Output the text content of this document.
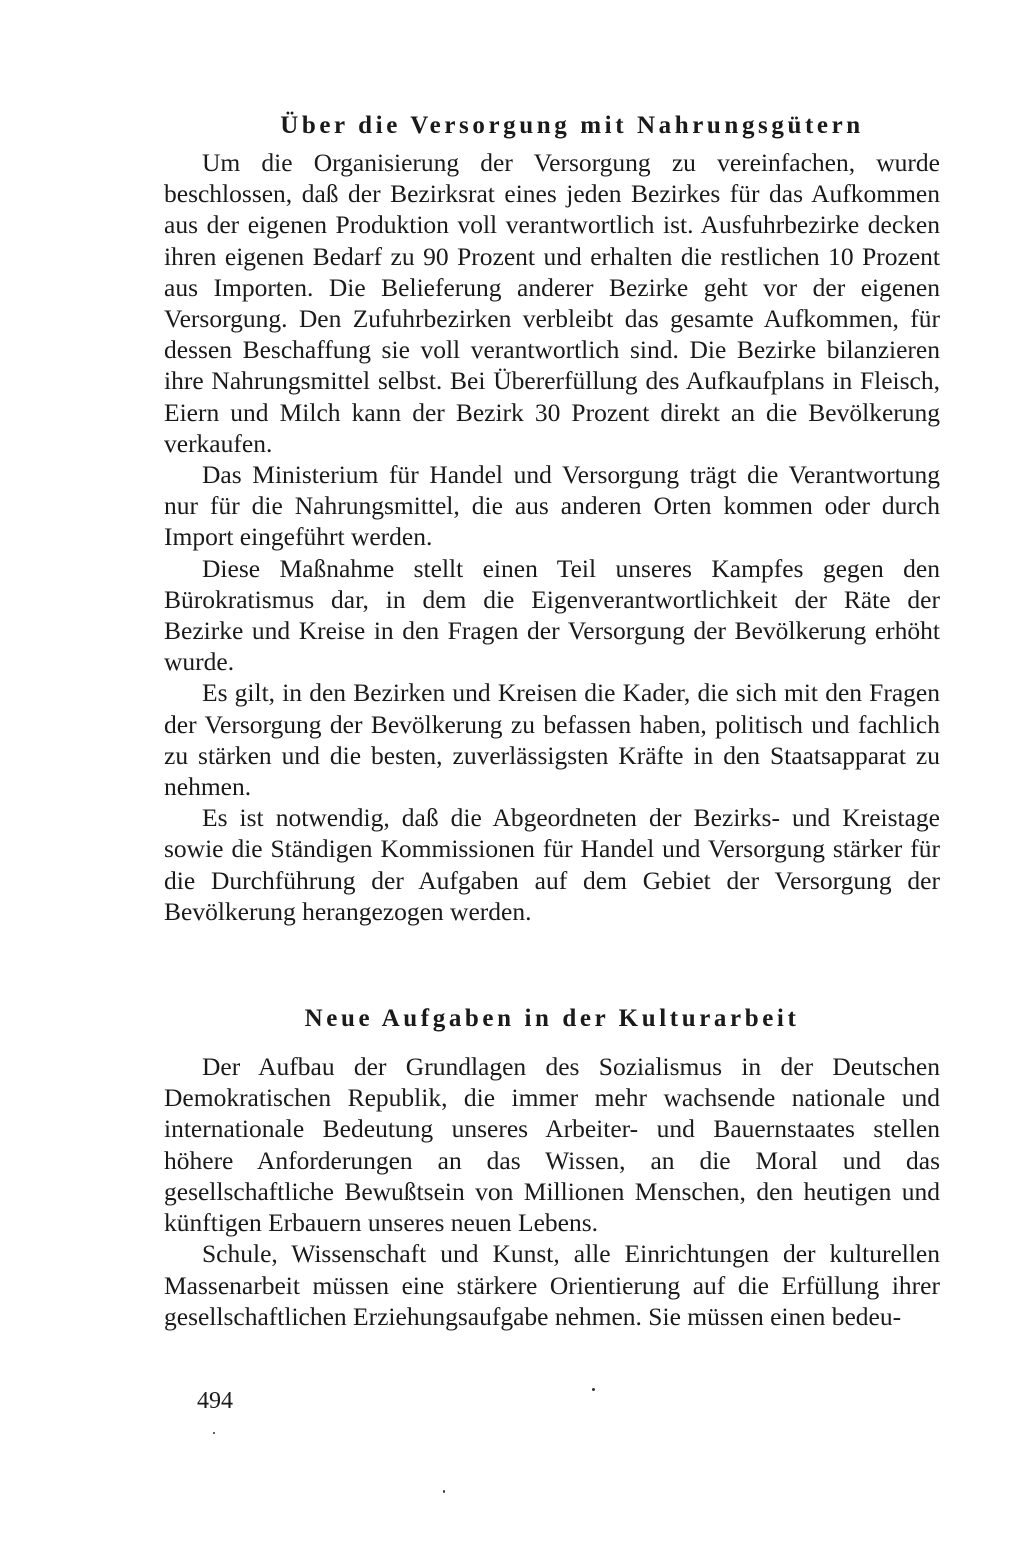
Über die Versorgung mit Nahrungsgütern

Um die Organisierung der Versorgung zu vereinfachen, wurde beschlossen, daß der Bezirksrat eines jeden Bezirkes für das Aufkommen aus der eigenen Produktion voll verantwortlich ist. Ausfuhrbezirke decken ihren eigenen Bedarf zu 90 Prozent und erhalten die restlichen 10 Prozent aus Importen. Die Belieferung anderer Bezirke geht vor der eigenen Versorgung. Den Zufuhrbezirken verbleibt das gesamte Aufkommen, für dessen Beschaffung sie voll verantwortlich sind. Die Bezirke bilanzieren ihre Nahrungsmittel selbst. Bei Übererfüllung des Aufkaufplans in Fleisch, Eiern und Milch kann der Bezirk 30 Prozent direkt an die Bevölkerung verkaufen.

Das Ministerium für Handel und Versorgung trägt die Verantwortung nur für die Nahrungsmittel, die aus anderen Orten kommen oder durch Import eingeführt werden.

Diese Maßnahme stellt einen Teil unseres Kampfes gegen den Bürokratismus dar, in dem die Eigenverantwortlichkeit der Räte der Bezirke und Kreise in den Fragen der Versorgung der Bevölkerung erhöht wurde.

Es gilt, in den Bezirken und Kreisen die Kader, die sich mit den Fragen der Versorgung der Bevölkerung zu befassen haben, politisch und fachlich zu stärken und die besten, zuverlässigsten Kräfte in den Staatsapparat zu nehmen.

Es ist notwendig, daß die Abgeordneten der Bezirks- und Kreistage sowie die Ständigen Kommissionen für Handel und Versorgung stärker für die Durchführung der Aufgaben auf dem Gebiet der Versorgung der Bevölkerung herangezogen werden.

Neue Aufgaben in der Kulturarbeit

Der Aufbau der Grundlagen des Sozialismus in der Deutschen Demokratischen Republik, die immer mehr wachsende nationale und internationale Bedeutung unseres Arbeiter- und Bauernstaates stellen höhere Anforderungen an das Wissen, an die Moral und das gesellschaftliche Bewußtsein von Millionen Menschen, den heutigen und künftigen Erbauern unseres neuen Lebens.

Schule, Wissenschaft und Kunst, alle Einrichtungen der kulturellen Massenarbeit müssen eine stärkere Orientierung auf die Erfüllung ihrer gesellschaftlichen Erziehungsaufgabe nehmen. Sie müssen einen bedeu-

494
